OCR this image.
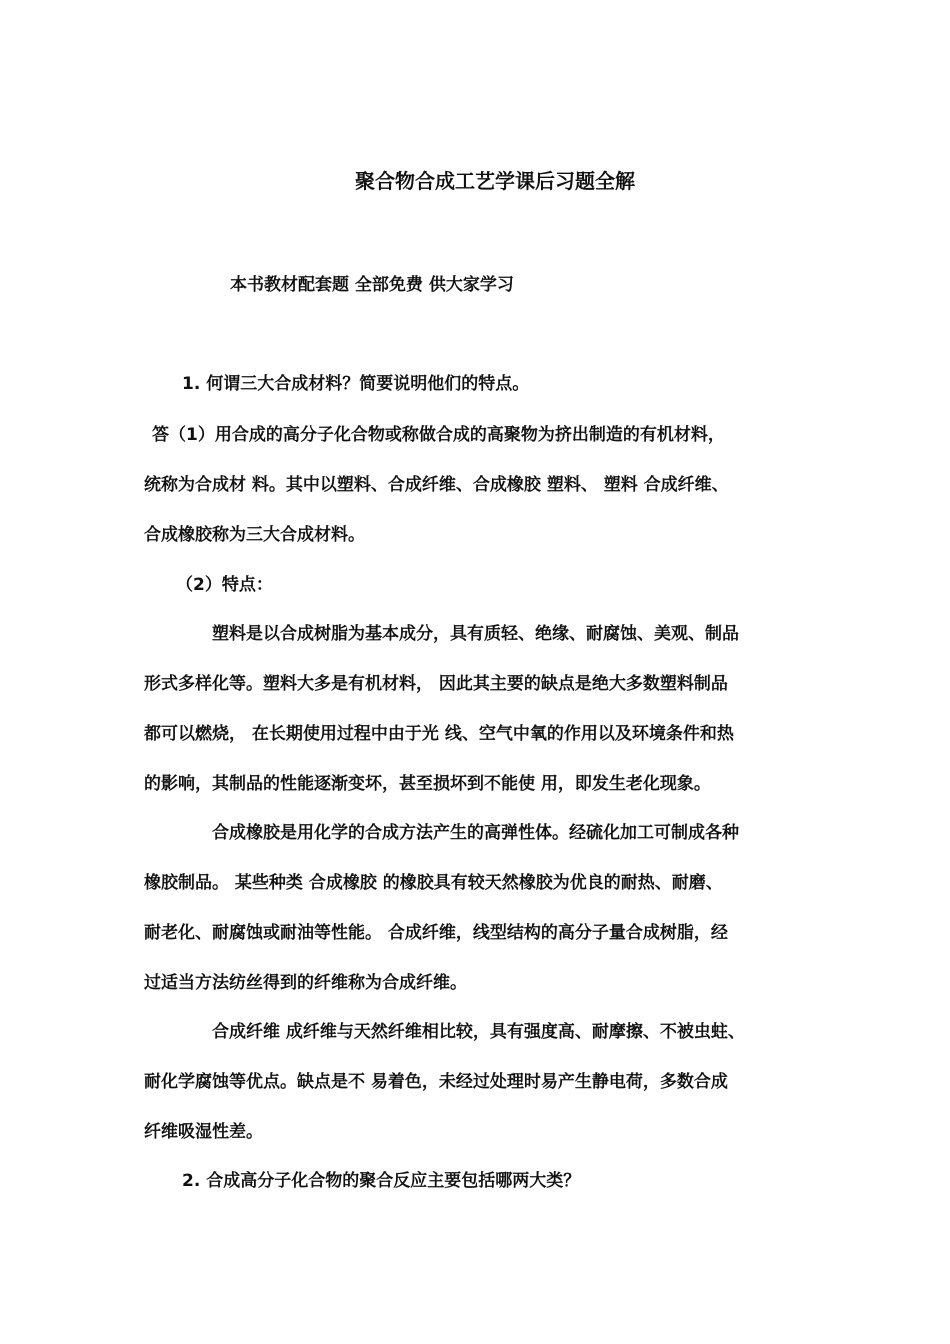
聚合物合成工艺学课后习题全解
本书教材配套题 全部免费 供大家学习
1. 何谓三大合成材料？简要说明他们的特点。
答（1）用合成的高分子化合物或称做合成的高聚物为挤出制造的有机材料，
统称为合成材 料。其中以塑料、合成纤维、合成橡胶 塑料、 塑料 合成纤维、
合成橡胶称为三大合成材料。
（2）特点：
塑料是以合成树脂为基本成分，具有质轻、绝缘、耐腐蚀、美观、制品
形式多样化等。塑料大多是有机材料， 因此其主要的缺点是绝大多数塑料制品
都可以燃烧， 在长期使用过程中由于光 线、空气中氧的作用以及环境条件和热
的影响，其制品的性能逐渐变坏，甚至损坏到不能使 用，即发生老化现象。
合成橡胶是用化学的合成方法产生的高弹性体。经硫化加工可制成各种
橡胶制品。 某些种类 合成橡胶 的橡胶具有较天然橡胶为优良的耐热、耐磨、
耐老化、耐腐蚀或耐油等性能。 合成纤维，线型结构的高分子量合成树脂，经
过适当方法纺丝得到的纤维称为合成纤维。
合成纤维 成纤维与天然纤维相比较，具有强度高、耐摩擦、不被虫蛀、
耐化学腐蚀等优点。缺点是不 易着色，未经过处理时易产生静电荷，多数合成
纤维吸湿性差。
2. 合成高分子化合物的聚合反应主要包括哪两大类？
